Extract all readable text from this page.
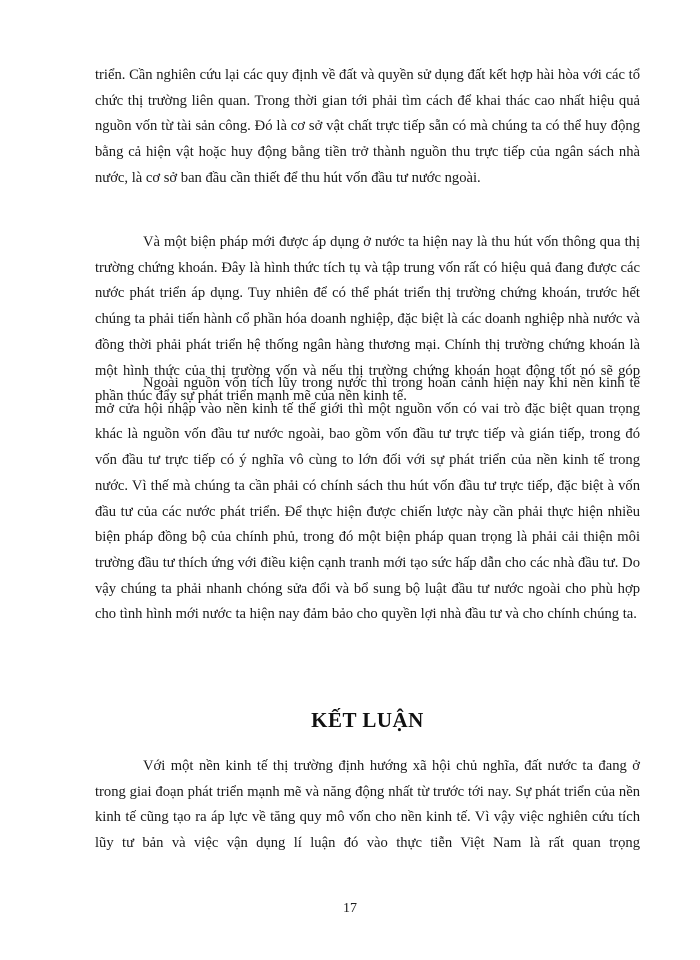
triển. Cần nghiên cứu lại các quy định về đất và quyền sử dụng đất kết hợp hài hòa với các tổ chức thị trường liên quan. Trong thời gian tới phải tìm cách để khai thác cao nhất hiệu quả nguồn vốn từ tài sản công. Đó là cơ sở vật chất trực tiếp sẵn có mà chúng ta có thể huy động bằng cả hiện vật hoặc huy động bằng tiền trở thành nguồn thu trực tiếp của ngân sách nhà nước, là cơ sở ban đầu cần thiết để thu hút vốn đầu tư nước ngoài.

Và một biện pháp mới được áp dụng ở nước ta hiện nay là thu hút vốn thông qua thị trường chứng khoán. Đây là hình thức tích tụ và tập trung vốn rất có hiệu quả đang được các nước phát triển áp dụng. Tuy nhiên để có thể phát triển thị trường chứng khoán, trước hết chúng ta phải tiến hành cổ phần hóa doanh nghiệp, đặc biệt là các doanh nghiệp nhà nước và đồng thời phải phát triển hệ thống ngân hàng thương mại. Chính thị trường chứng khoán là một hình thức của thị trường vốn và nếu thị trường chứng khoán hoạt động tốt nó sẽ góp phần thúc đẩy sự phát triển mạnh mẽ của nền kinh tế.

Ngoài nguồn vốn tích lũy trong nước thì trong hoàn cảnh hiện nay khi nền kinh tế mở cửa hội nhập vào nền kinh tế thế giới thì một nguồn vốn có vai trò đặc biệt quan trọng khác là nguồn vốn đầu tư nước ngoài, bao gồm vốn đầu tư trực tiếp và gián tiếp, trong đó vốn đầu tư trực tiếp có ý nghĩa vô cùng to lớn đối với sự phát triển của nền kinh tế trong nước. Vì thế mà chúng ta cần phải có chính sách thu hút vốn đầu tư trực tiếp, đặc biệt à vốn đầu tư của các nước phát triển. Để thực hiện được chiến lược này cần phải thực hiện nhiều biện pháp đồng bộ của chính phủ, trong đó một biện pháp quan trọng là phải cải thiện môi trường đầu tư thích ứng với điều kiện cạnh tranh mới tạo sức hấp dẫn cho các nhà đầu tư. Do vậy chúng ta phải nhanh chóng sửa đổi và bổ sung bộ luật đầu tư nước ngoài cho phù hợp cho tình hình mới nước ta hiện nay đảm bảo cho quyền lợi nhà đầu tư và cho chính chúng ta.

KẾT LUẬN

Với một nền kinh tế thị trường định hướng xã hội chủ nghĩa, đất nước ta đang ở trong giai đoạn phát triển mạnh mẽ và năng động nhất từ trước tới nay. Sự phát triển của nền kinh tế cũng tạo ra áp lực về tăng quy mô vốn cho nền kinh tế. Vì vậy việc nghiên cứu tích lũy tư bản và việc vận dụng lí luận đó vào thực tiễn Việt Nam là rất quan trọng

17
